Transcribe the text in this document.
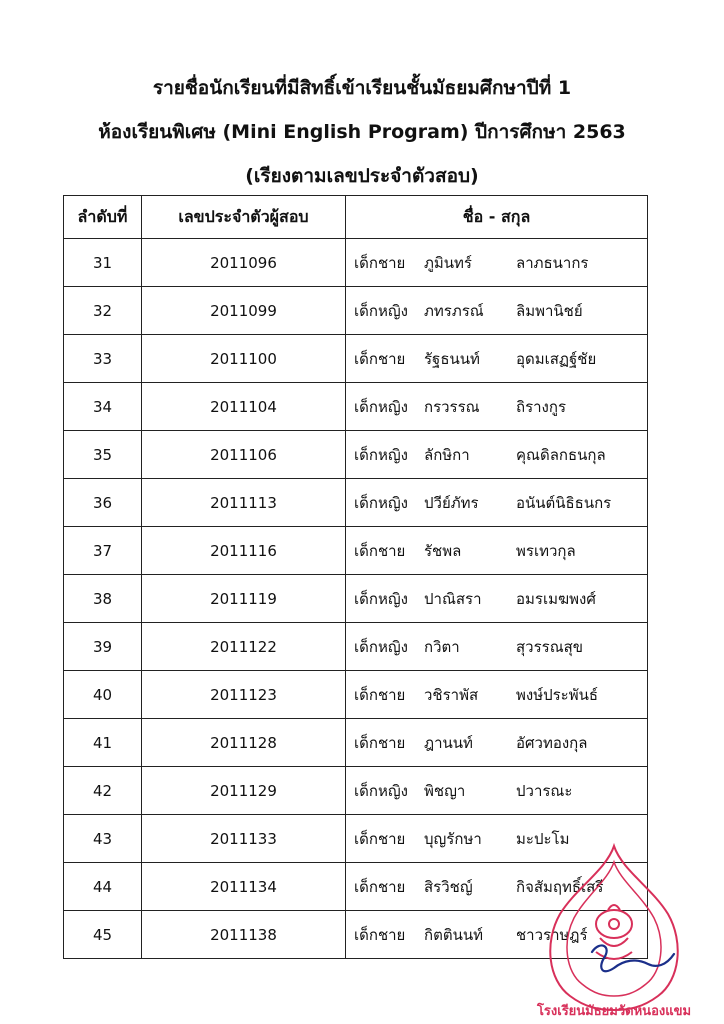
รายชื่อนักเรียนที่มีสิทธิ์เข้าเรียนชั้นมัธยมศึกษาปีที่ 1
ห้องเรียนพิเศษ (Mini English Program) ปีการศึกษา 2563
(เรียงตามเลขประจำตัวสอบ)
ลำดับที่	เลขประจำตัวผู้สอบ	ชื่อ - สกุล
31	2011096	เด็กชาย ภูมินทร์ ลาภธนากร
32	2011099	เด็กหญิง ภทรภรณ์ ลิมพานิชย์
33	2011100	เด็กชาย รัฐธนนท์ อุดมเสฏฐ์ชัย
34	2011104	เด็กหญิง กรวรรณ ถิรางกูร
35	2011106	เด็กหญิง ลักษิกา คุณดิลกธนกุล
36	2011113	เด็กหญิง ปวีย์ภัทร อนันต์นิธิธนกร
37	2011116	เด็กชาย รัชพล พรเทวกุล
38	2011119	เด็กหญิง ปาณิสรา อมรเมฆพงศ์
39	2011122	เด็กหญิง กวิตา สุวรรณสุข
40	2011123	เด็กชาย วชิราพัส พงษ์ประพันธ์
41	2011128	เด็กชาย ฎานนท์ อัศวทองกุล
42	2011129	เด็กหญิง พิชญา ปวารณะ
43	2011133	เด็กชาย บุญรักษา มะปะโม
44	2011134	เด็กชาย สิรวิชญ์ กิจสัมฤทธิ์เสรี
45	2011138	เด็กชาย กิตตินนท์ ชาวราษฎร์
โรงเรียนมัธยมวัดหนองแขม
